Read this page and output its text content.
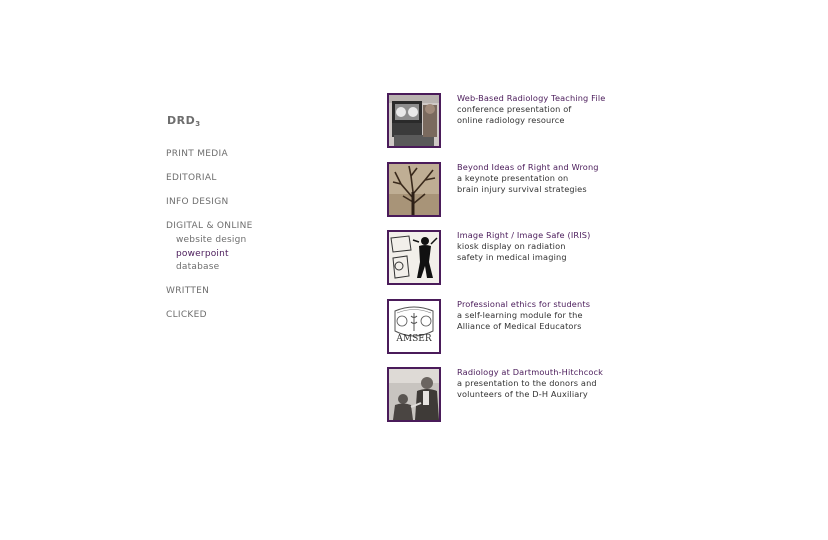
$DRD_3$
PRINT MEDIA
EDITORIAL
INFO DESIGN
DIGITAL & ONLINE
website design
powerpoint
database
WRITTEN
CLICKED
Web-Based Radiology Teaching File
conference presentation of
online radiology resource
Beyond Ideas of Right and Wrong
a keynote presentation on
brain injury survival strategies
Image Right / Image Safe (IRIS)
kiosk display on radiation
safety in medical imaging
AMSER
Professional ethics for students
a self-learning module for the
Alliance of Medical Educators
Radiology at Dartmouth-Hitchcock
a presentation to the donors and
volunteers of the D-H Auxiliary
